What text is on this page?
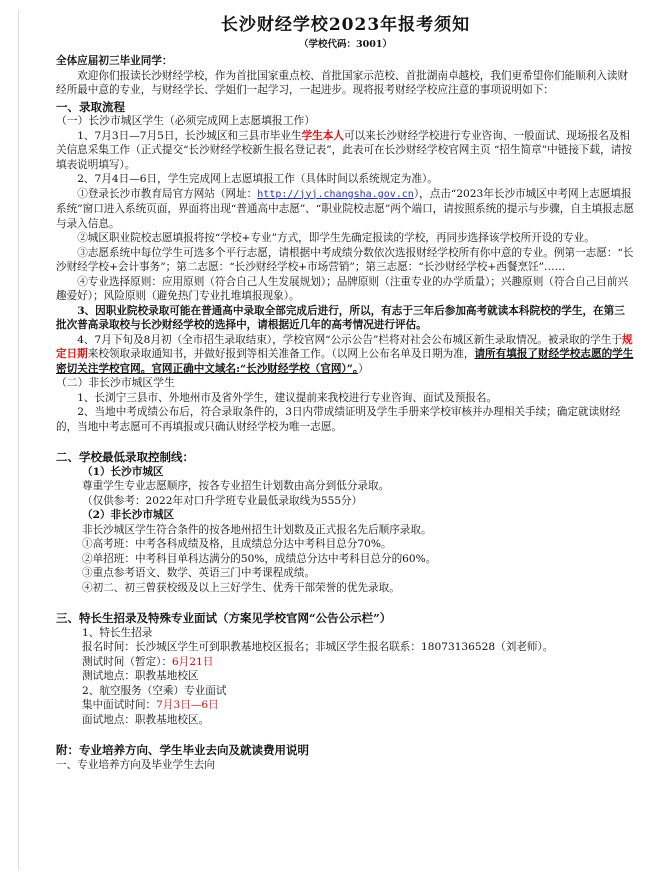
长沙财经学校2023年报考须知
（学校代码：3001）

全体应届初三毕业同学：

欢迎你们报读长沙财经学校，作为首批国家重点校、首批国家示范校、首批湖南卓越校，我们更希望你们能顺利入读财经所最中意的专业，与财经学长、学姐们一起学习，一起进步。现将报考财经学校应注意的事项说明如下：

一、录取流程

（一）长沙市城区学生（必须完成网上志愿填报工作）

1、7月3日—7月5日，长沙城区和三县市毕业生学生本人可以来长沙财经学校进行专业咨询、一般面试、现场报名及相关信息采集工作（正式提交“长沙财经学校新生报名登记表”，此表可在长沙财经学校官网主页 “招生简章”中链接下载，请按填表说明填写）。

2、7月4日—6日，学生完成网上志愿填报工作（具体时间以系统规定为准）。

①登录长沙市教育局官方网站（网址：http://jyj.changsha.gov.cn），点击“2023年长沙市城区中考网上志愿填报系统”窗口进入系统页面，界面将出现“普通高中志愿”、“职业院校志愿”两个端口，请按照系统的提示与步骤，自主填报志愿与录入信息。

②城区职业院校志愿填报将按“学校+专业”方式，即学生先确定报读的学校，再同步选择该学校所开设的专业。

③志愿系统中每位学生可选多个平行志愿，请根据中考成绩分数依次选报财经学校所有你中意的专业。例第一志愿：“长沙财经学校+会计事务”；第二志愿：“长沙财经学校+市场营销”；第三志愿：“长沙财经学校+西餐烹饪”……

④专业选择原则：应用原则（符合自己人生发展规划）；品牌原则（注重专业的办学质量）；兴趣原则（符合自己目前兴趣爱好）；风险原则（避免热门专业扎堆填报现象）。

3、因职业院校录取可能在普通高中录取全部完成后进行，所以，有志于三年后参加高考就读本科院校的学生，在第三批次普高录取校与长沙财经学校的选择中，请根据近几年的高考情况进行评估。

4、7月下旬及8月初（全市招生录取结束），学校官网“公示公告”栏将对社会公布城区新生录取情况。被录取的学生于规定日期来校领取录取通知书，并做好报到等相关准备工作。（以网上公布名单及日期为准，请所有填报了财经学校志愿的学生密切关注学校官网。官网正确中文域名:“长沙财经学校（官网）”。）

（二）非长沙市城区学生

1、长浏宁三县市、外地州市及省外学生，建议提前来我校进行专业咨询、面试及预报名。

2、当地中考成绩公布后，符合录取条件的，3日内带成绩证明及学生手册来学校审核并办理相关手续；确定就读财经的，当地中考志愿可不再填报或只确认财经学校为唯一志愿。

二、学校最低录取控制线：

（1）长沙市城区

尊重学生专业志愿顺序，按各专业招生计划数由高分到低分录取。

（仅供参考：2022年对口升学班专业最低录取线为555分）

（2）非长沙市城区

非长沙城区学生符合条件的按各地州招生计划数及正式报名先后顺序录取。

①高考班：中考各科成绩及格，且成绩总分达中考科目总分70%。

②单招班：中考科目单科达满分的50%，成绩总分达中考科目总分的60%。

③重点参考语文、数学、英语三门中考课程成绩。

④初二、初三曾获校级及以上三好学生、优秀干部荣誉的优先录取。

三、特长生招录及特殊专业面试（方案见学校官网“公告公示栏”）

1、特长生招录

报名时间：长沙城区学生可到职教基地校区报名；非城区学生报名联系：18073136528（刘老师）。

测试时间（暂定）：6月21日

测试地点：职教基地校区

2、航空服务（空乘）专业面试

集中面试时间：7月3日—6日

面试地点：职教基地校区。

附：专业培养方向、学生毕业去向及就读费用说明

一、专业培养方向及毕业学生去向
